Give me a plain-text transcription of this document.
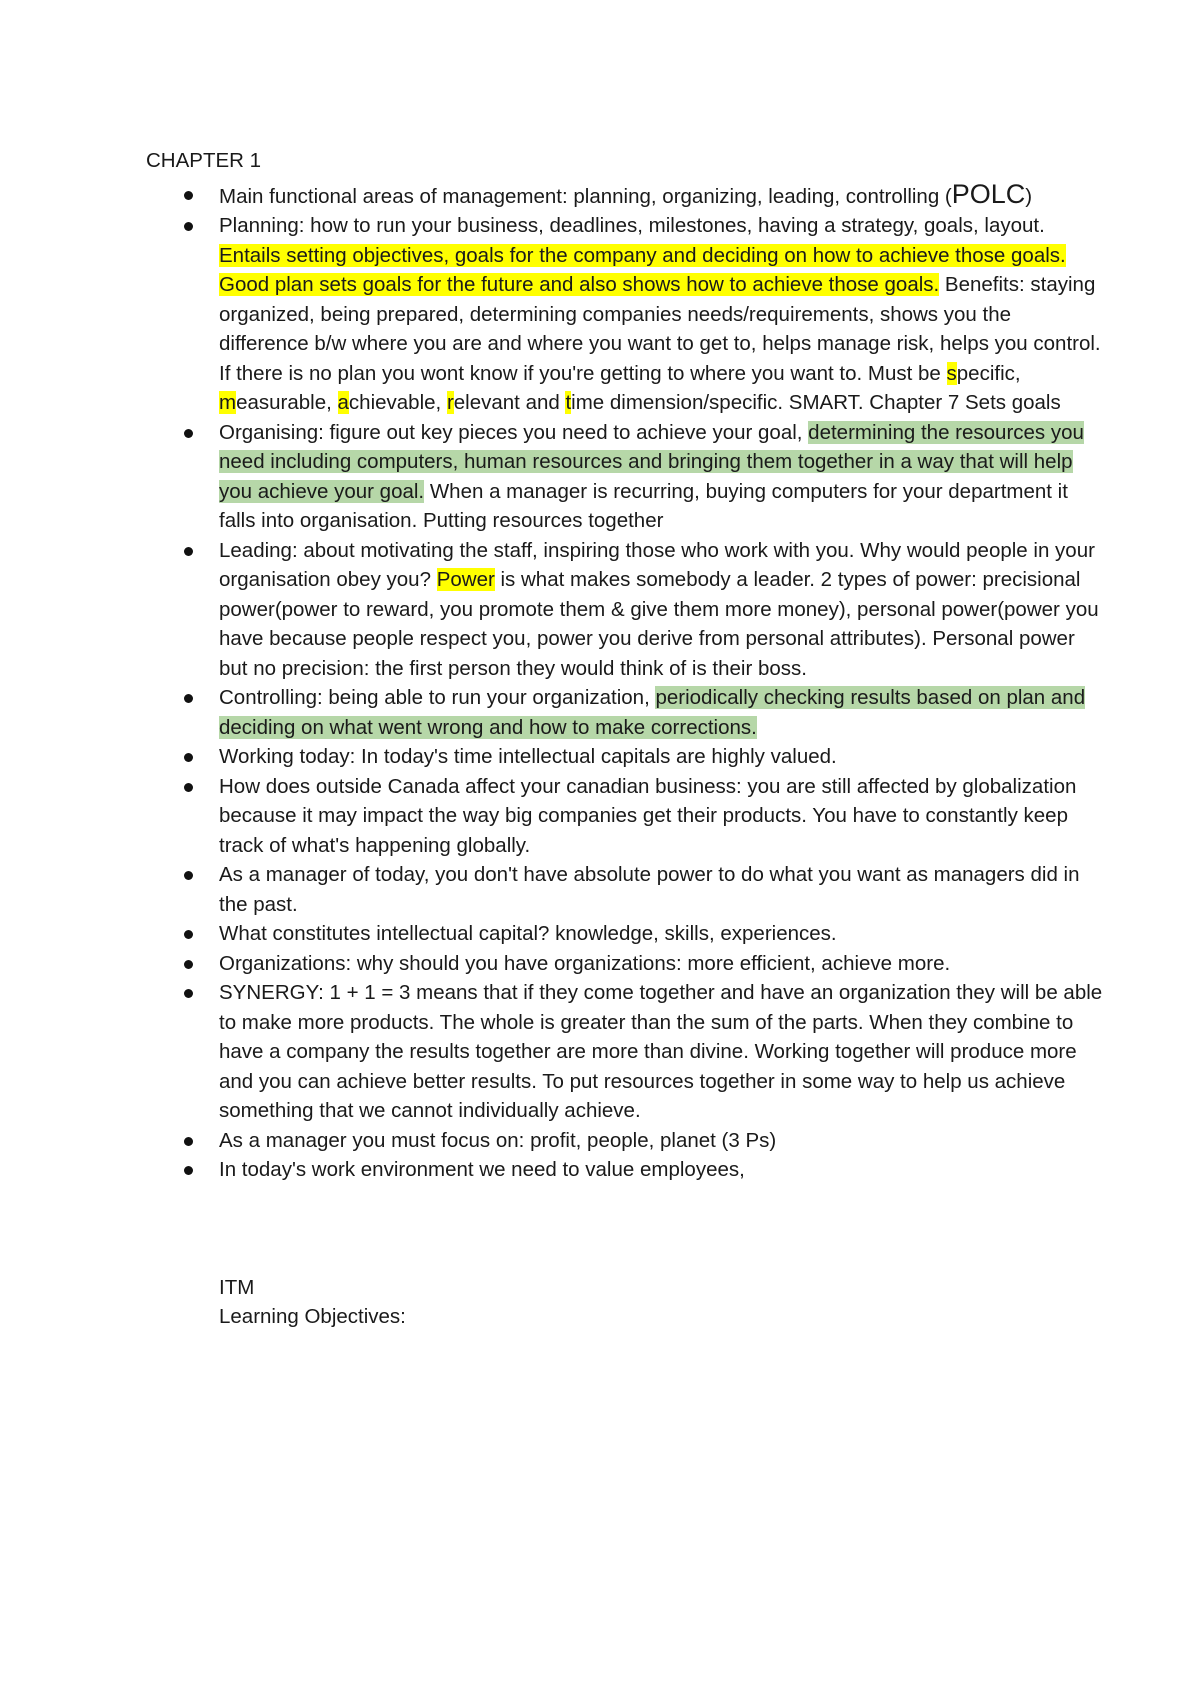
CHAPTER 1
Main functional areas of management: planning, organizing, leading, controlling (POLC)
Planning: how to run your business, deadlines, milestones, having a strategy, goals, layout. Entails setting objectives, goals for the company and deciding on how to achieve those goals. Good plan sets goals for the future and also shows how to achieve those goals. Benefits: staying organized, being prepared, determining companies needs/requirements, shows you the difference b/w where you are and where you want to get to, helps manage risk, helps you control. If there is no plan you wont know if you're getting to where you want to. Must be specific, measurable, achievable, relevant and time dimension/specific. SMART. Chapter 7 Sets goals
Organising: figure out key pieces you need to achieve your goal, determining the resources you need including computers, human resources and bringing them together in a way that will help you achieve your goal. When a manager is recurring, buying computers for your department it falls into organisation. Putting resources together
Leading: about motivating the staff, inspiring those who work with you. Why would people in your organisation obey you? Power is what makes somebody a leader. 2 types of power: precisional power(power to reward, you promote them & give them more money), personal power(power you have because people respect you, power you derive from personal attributes). Personal power but no precision: the first person they would think of is their boss.
Controlling: being able to run your organization, periodically checking results based on plan and deciding on what went wrong and how to make corrections.
Working today: In today's time intellectual capitals are highly valued.
How does outside Canada affect your canadian business: you are still affected by globalization because it may impact the way big companies get their products. You have to constantly keep track of what's happening globally.
As a manager of today, you don't have absolute power to do what you want as managers did in the past.
What constitutes intellectual capital? knowledge, skills, experiences.
Organizations: why should you have organizations: more efficient, achieve more.
SYNERGY: 1 + 1 = 3 means that if they come together and have an organization they will be able to make more products. The whole is greater than the sum of the parts. When they combine to have a company the results together are more than divine. Working together will produce more and you can achieve better results. To put resources together in some way to help us achieve something that we cannot individually achieve.
As a manager you must focus on: profit, people, planet (3 Ps)
In today's work environment we need to value employees,

ITM

Learning Objectives:
